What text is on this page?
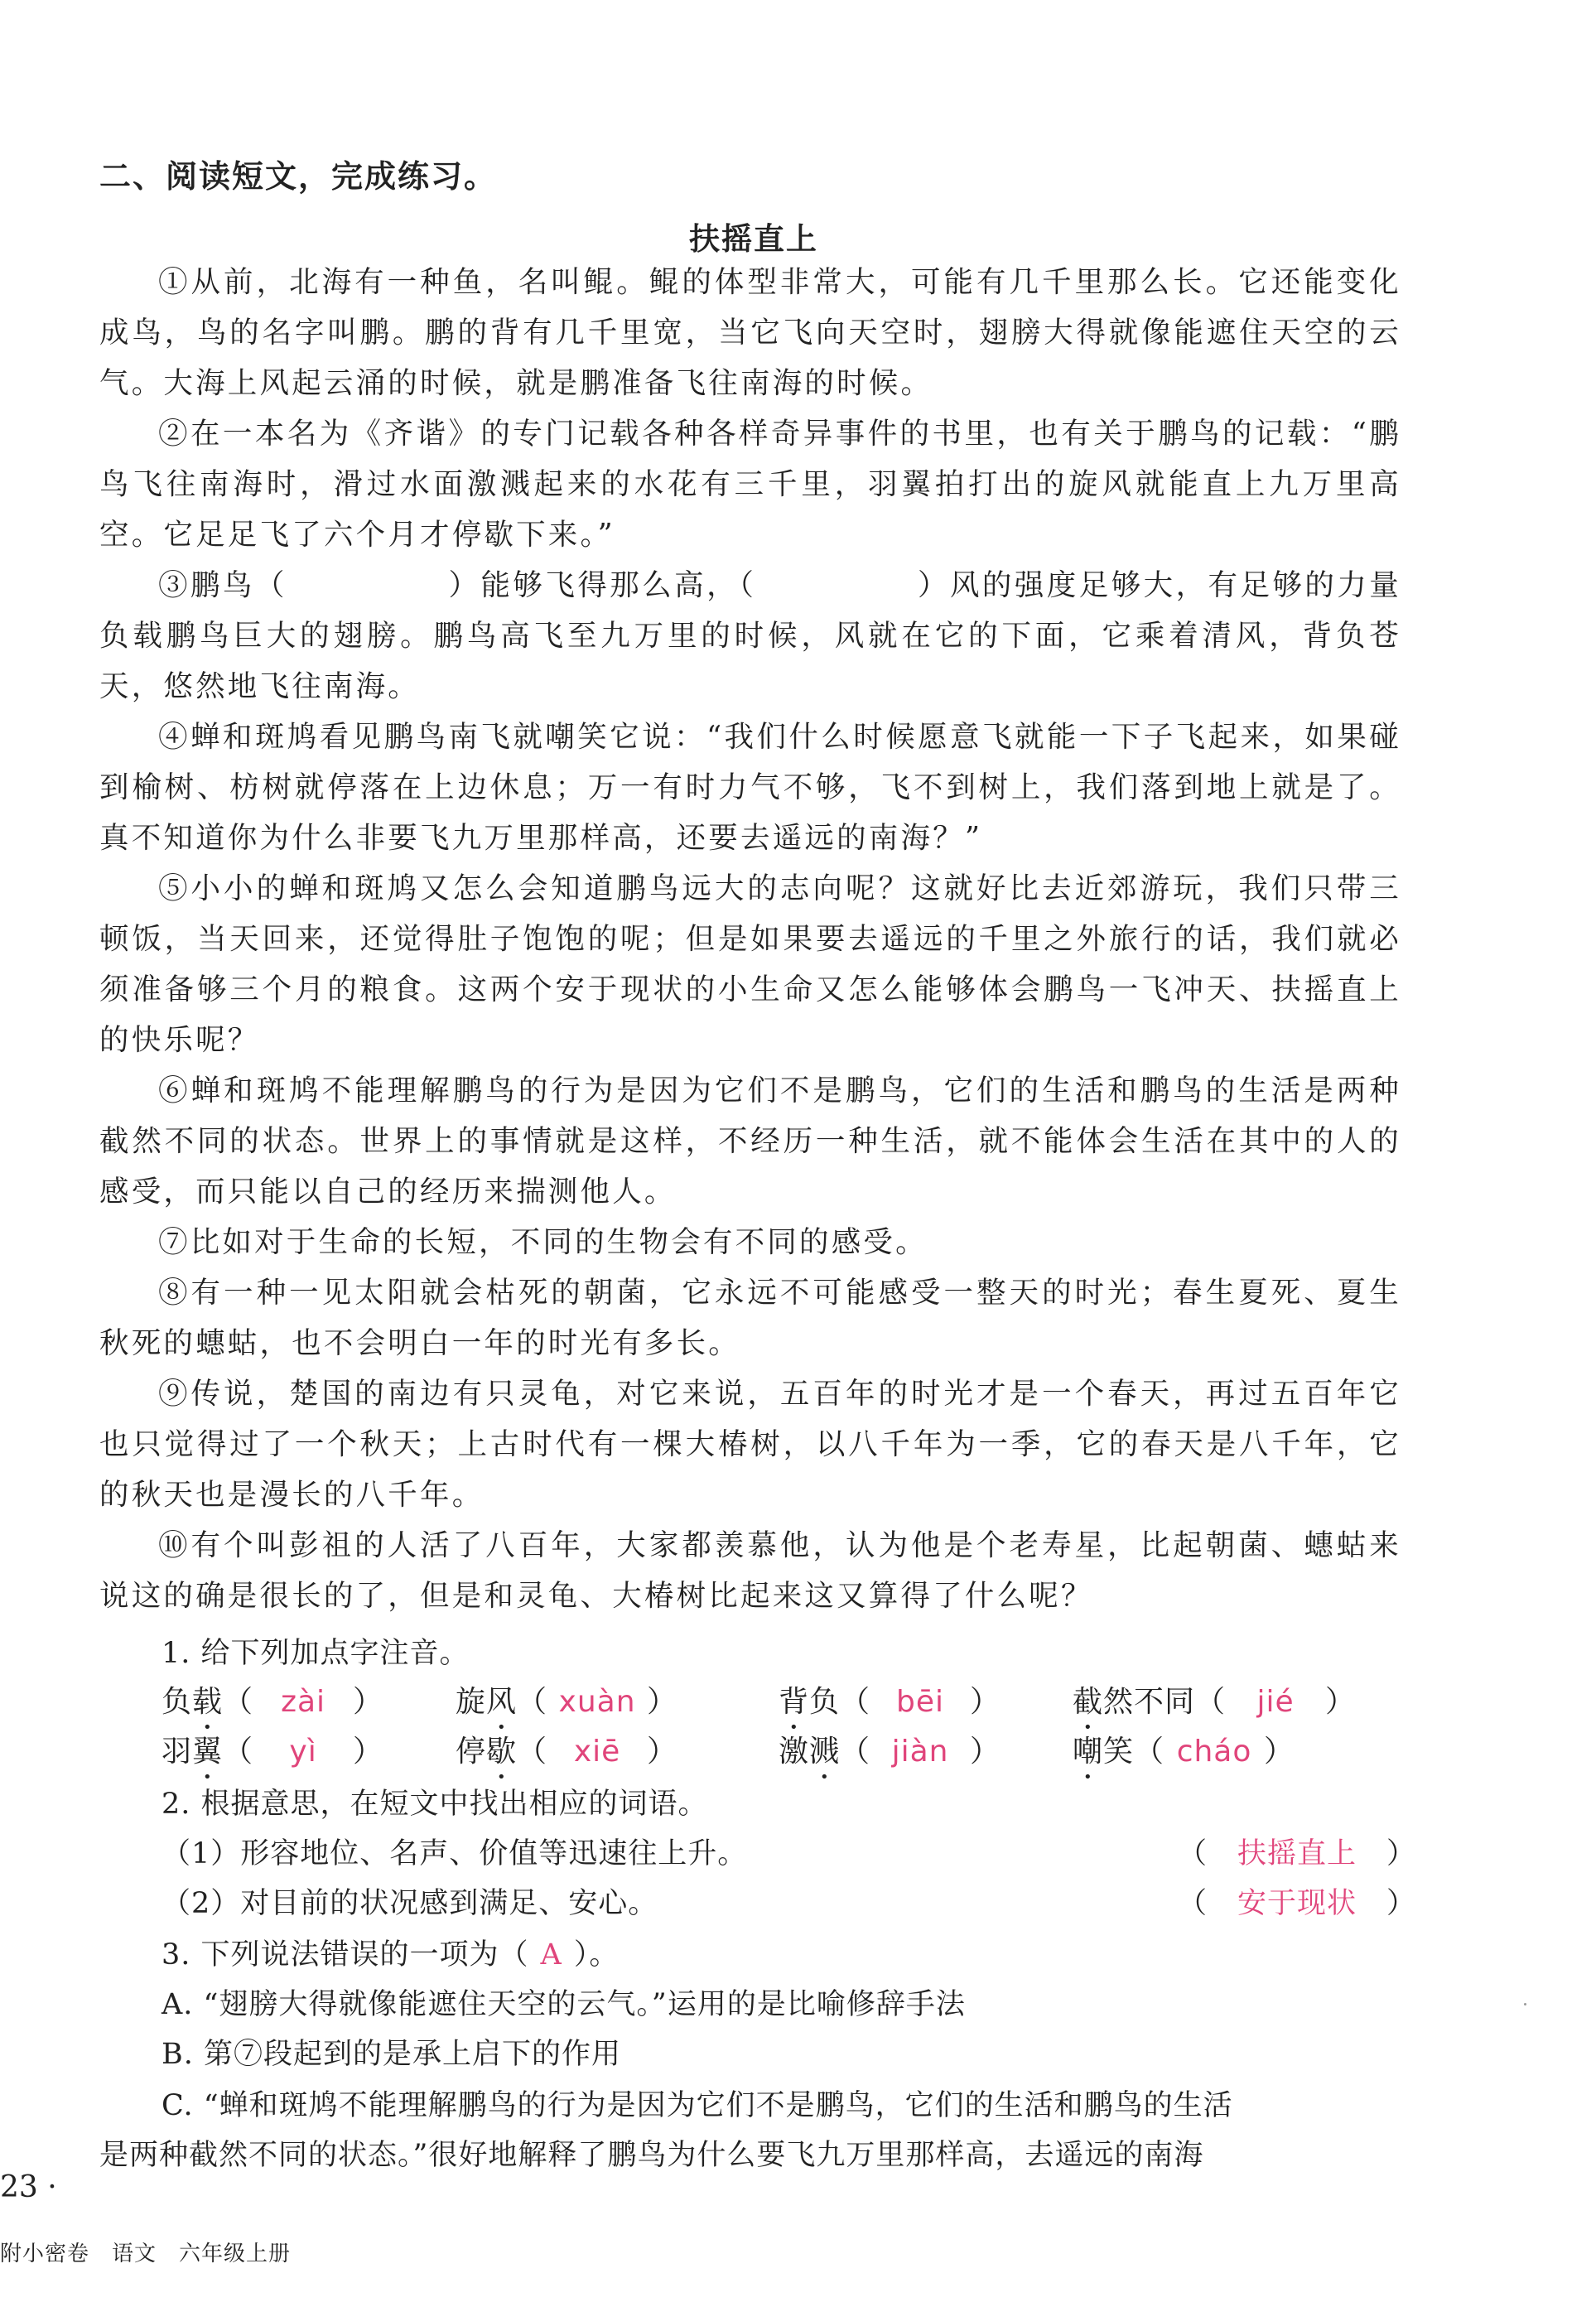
二、阅读短文，完成练习。
扶摇直上

①从前，北海有一种鱼，名叫鲲。鲲的体型非常大，可能有几千里那么长。它还能变化成鸟，鸟的名字叫鹏。鹏的背有几千里宽，当它飞向天空时，翅膀大得就像能遮住天空的云气。大海上风起云涌的时候，就是鹏准备飞往南海的时候。

②在一本名为《齐谐》的专门记载各种各样奇异事件的书里，也有关于鹏鸟的记载：“鹏鸟飞往南海时，滑过水面激溅起来的水花有三千里，羽翼拍打出的旋风就能直上九万里高空。它足足飞了六个月才停歇下来。”

③鹏鸟（　　　　　）能够飞得那么高，（　　　　　）风的强度足够大，有足够的力量负载鹏鸟巨大的翅膀。鹏鸟高飞至九万里的时候，风就在它的下面，它乘着清风，背负苍天，悠然地飞往南海。

④蝉和斑鸠看见鹏鸟南飞就嘲笑它说：“我们什么时候愿意飞就能一下子飞起来，如果碰到榆树、枋树就停落在上边休息；万一有时力气不够，飞不到树上，我们落到地上就是了。真不知道你为什么非要飞九万里那样高，还要去遥远的南海？”

⑤小小的蝉和斑鸠又怎么会知道鹏鸟远大的志向呢？这就好比去近郊游玩，我们只带三顿饭，当天回来，还觉得肚子饱饱的呢；但是如果要去遥远的千里之外旅行的话，我们就必须准备够三个月的粮食。这两个安于现状的小生命又怎么能够体会鹏鸟一飞冲天、扶摇直上的快乐呢？

⑥蝉和斑鸠不能理解鹏鸟的行为是因为它们不是鹏鸟，它们的生活和鹏鸟的生活是两种截然不同的状态。世界上的事情就是这样，不经历一种生活，就不能体会生活在其中的人的感受，而只能以自己的经历来揣测他人。

⑦比如对于生命的长短，不同的生物会有不同的感受。

⑧有一种一见太阳就会枯死的朝菌，它永远不可能感受一整天的时光；春生夏死、夏生秋死的蟪蛄，也不会明白一年的时光有多长。

⑨传说，楚国的南边有只灵龟，对它来说，五百年的时光才是一个春天，再过五百年它也只觉得过了一个秋天；上古时代有一棵大椿树，以八千年为一季，它的春天是八千年，它的秋天也是漫长的八千年。

⑩有个叫彭祖的人活了八百年，大家都羡慕他，认为他是个老寿星，比起朝菌、蟪蛄来说这的确是很长的了，但是和灵龟、大椿树比起来这又算得了什么呢？

1. 给下列加点字注音。
负载（ zài ） 旋风（ xuàn ）	背负（ bēi ） 截然不同（ jié ）
羽翼（ yì ） 停歇（ xiē ）	激溅（ jiàn ） 嘲笑（ cháo ）
2. 根据意思，在短文中找出相应的词语。
（1）形容地位、名声、价值等迅速往上升。	（　扶摇直上　）
（2）对目前的状况感到满足、安心。	（　安于现状　）
3. 下列说法错误的一项为（ A ）。
A. “翅膀大得就像能遮住天空的云气。”运用的是比喻修辞手法
B. 第⑦段起到的是承上启下的作用
C. “蝉和斑鸠不能理解鹏鸟的行为是因为它们不是鹏鸟，它们的生活和鹏鸟的生活
是两种截然不同的状态。”很好地解释了鹏鸟为什么要飞九万里那样高，去遥远的南海
23 ·
附小密卷　语文　六年级上册
